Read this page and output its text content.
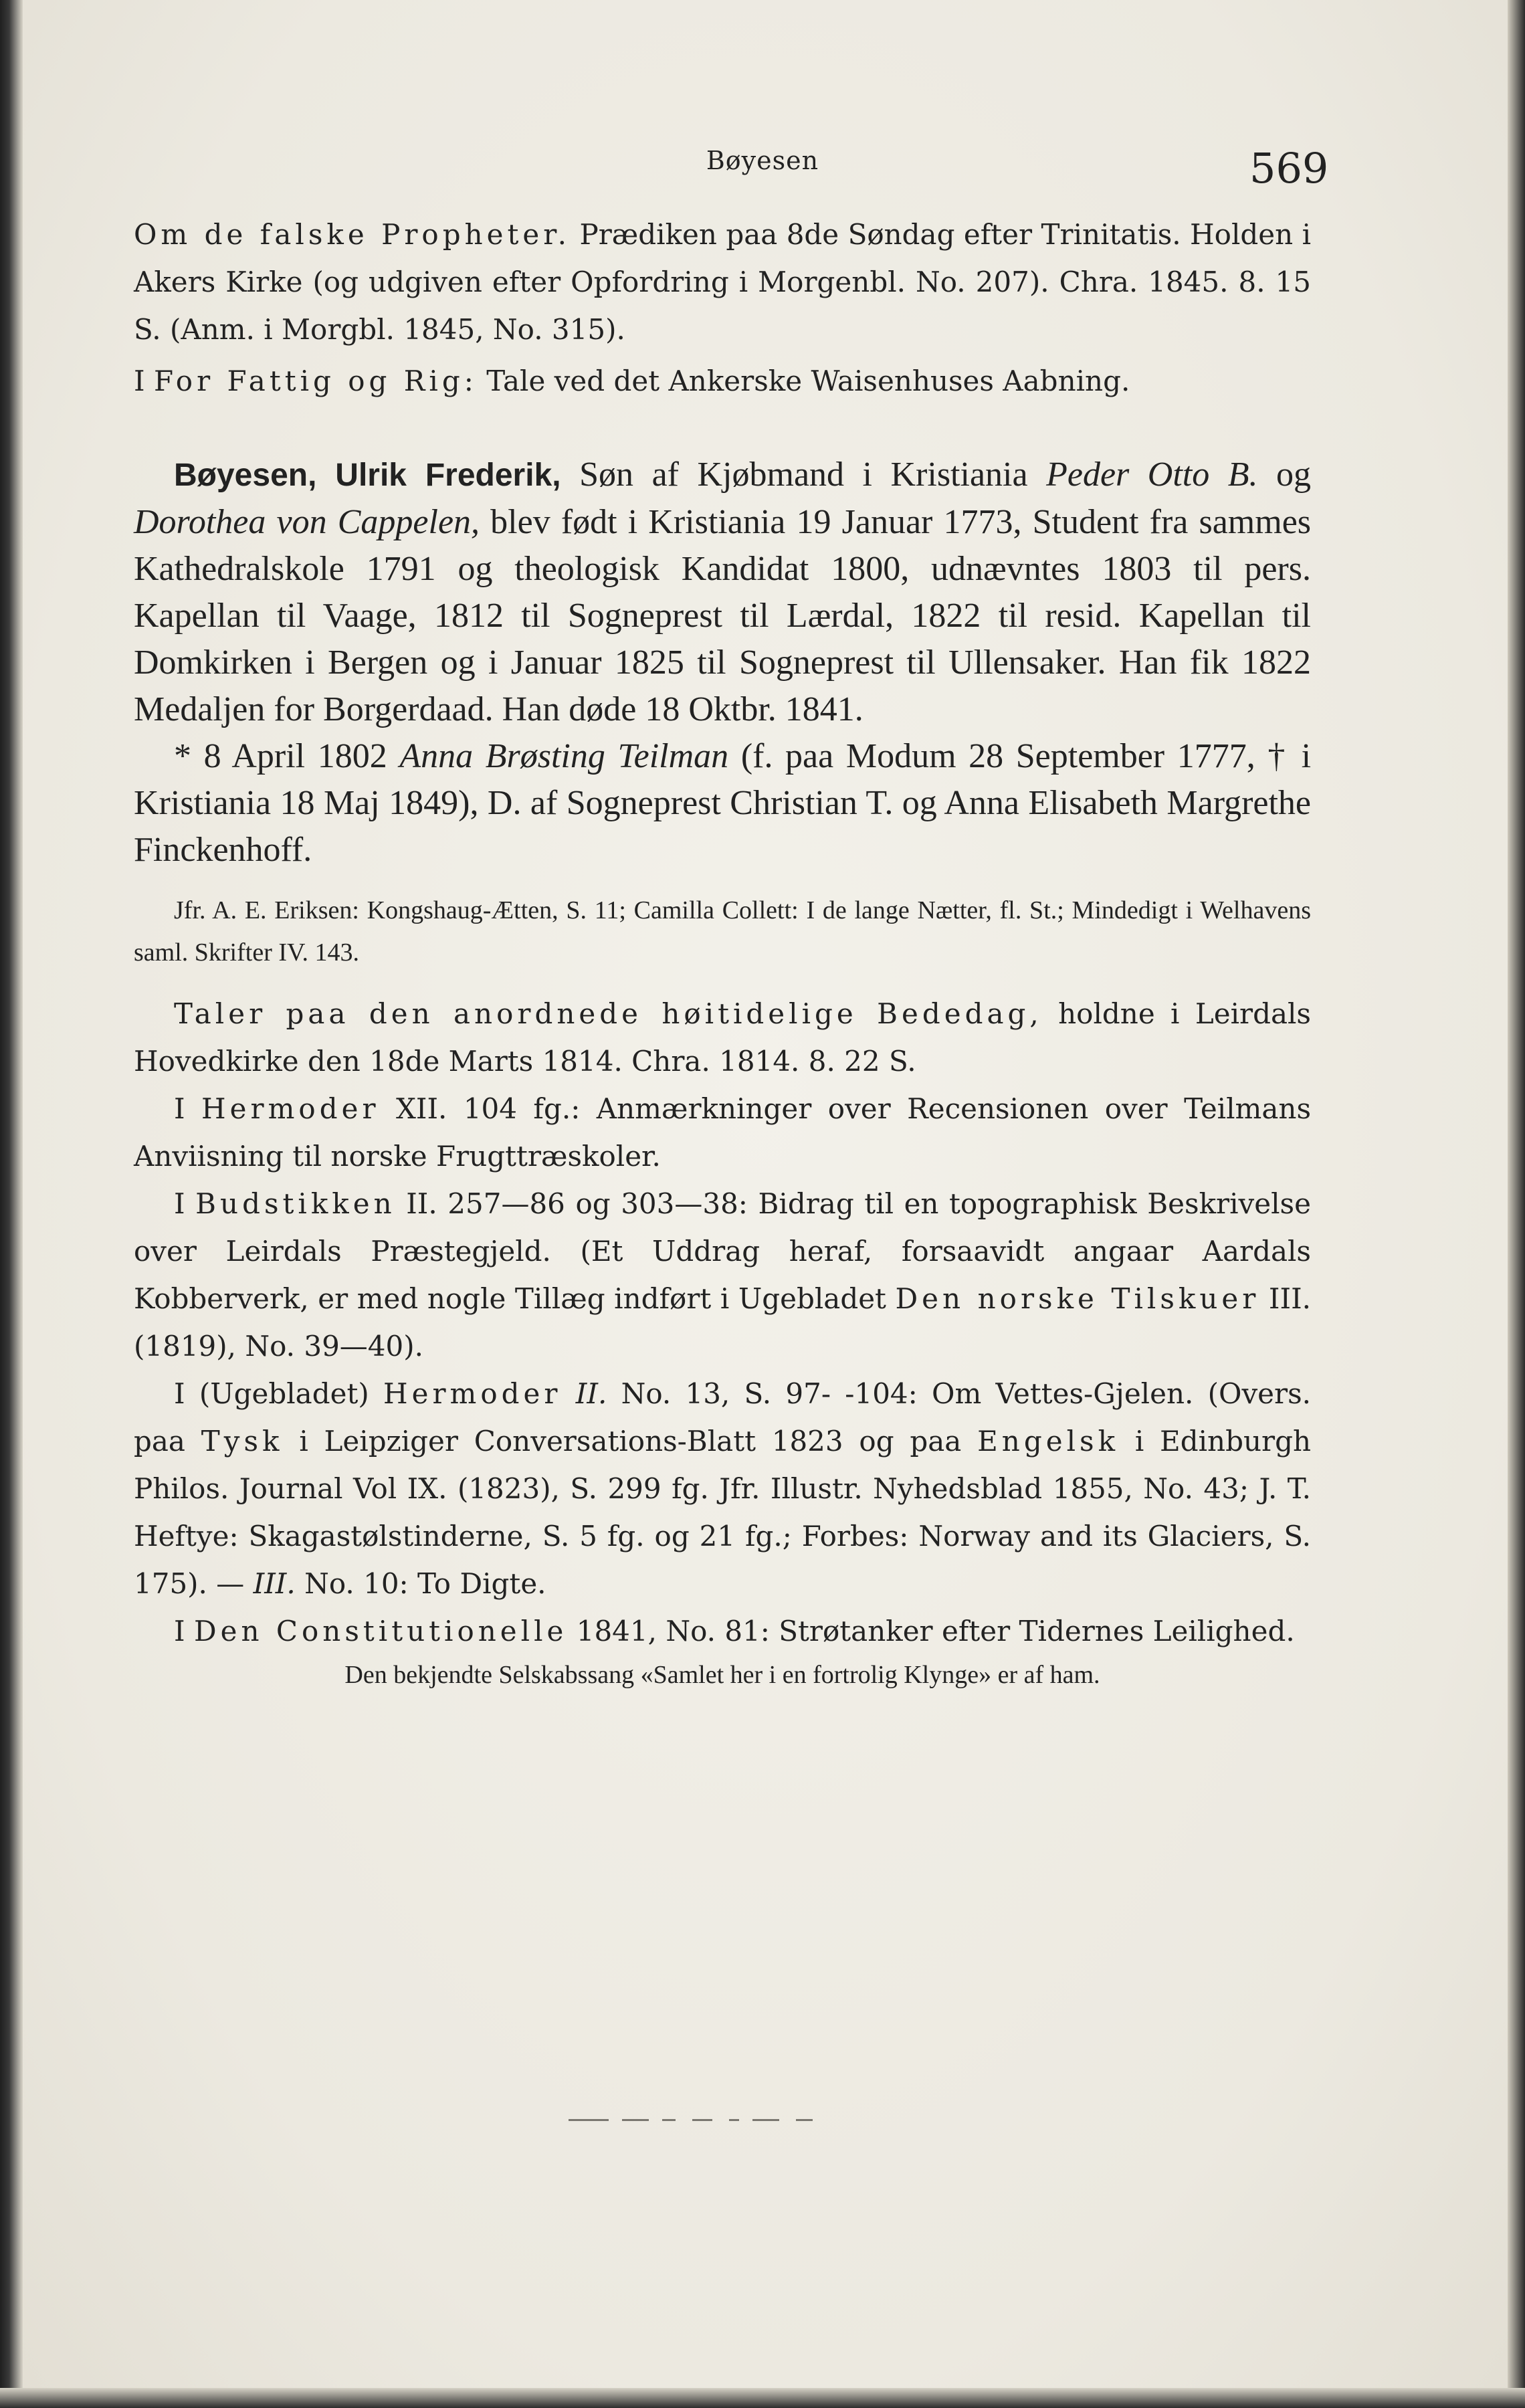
Bøyesen	569

Om de falske Propheter. Prædiken paa 8de Søndag efter Trinitatis. Holden i Akers Kirke (og udgiven efter Opfordring i Morgenbl. No. 207). Chra. 1845. 8. 15 S. (Anm. i Morgbl. 1845, No. 315).

I For Fattig og Rig: Tale ved det Ankerske Waisenhuses Aabning.

Bøyesen, Ulrik Frederik, Søn af Kjøbmand i Kristiania Peder Otto B. og Dorothea von Cappelen, blev født i Kristiania 19 Januar 1773, Student fra sammes Kathedralskole 1791 og theologisk Kandidat 1800, udnævntes 1803 til pers. Kapellan til Vaage, 1812 til Sogneprest til Lærdal, 1822 til resid. Kapellan til Domkirken i Bergen og i Januar 1825 til Sogneprest til Ullensaker. Han fik 1822 Medaljen for Borgerdaad. Han døde 18 Oktbr. 1841.

* 8 April 1802 Anna Brøsting Teilman (f. paa Modum 28 September 1777, † i Kristiania 18 Maj 1849), D. af Sogneprest Christian T. og Anna Elisabeth Margrethe Finckenhoff.

Jfr. A. E. Eriksen: Kongshaug-Ætten, S. 11; Camilla Collett: I de lange Nætter, fl. St.; Mindedigt i Welhavens saml. Skrifter IV. 143.

Taler paa den anordnede høitidelige Bededag, holdne i Leirdals Hovedkirke den 18de Marts 1814. Chra. 1814. 8. 22 S.

I Hermoder XII. 104 fg.: Anmærkninger over Recensionen over Teilmans Anviisning til norske Frugttræskoler.

I Budstikken II. 257—86 og 303—38: Bidrag til en topographisk Beskrivelse over Leirdals Præstegjeld. (Et Uddrag heraf, forsaavidt angaar Aardals Kobberverk, er med nogle Tillæg indført i Ugebladet Den norske Tilskuer III. (1819), No. 39—40).

I (Ugebladet) Hermoder II. No. 13, S. 97- -104: Om Vettes-Gjelen. (Overs. paa Tysk i Leipziger Conversations-Blatt 1823 og paa Engelsk i Edinburgh Philos. Journal Vol IX. (1823), S. 299 fg. Jfr. Illustr. Nyhedsblad 1855, No. 43; J. T. Heftye: Skagastølstinderne, S. 5 fg. og 21 fg.; Forbes: Norway and its Glaciers, S. 175). — III. No. 10: To Digte.

I Den Constitutionelle 1841, No. 81: Strøtanker efter Tidernes Leilighed.

Den bekjendte Selskabssang «Samlet her i en fortrolig Klynge» er af ham.
